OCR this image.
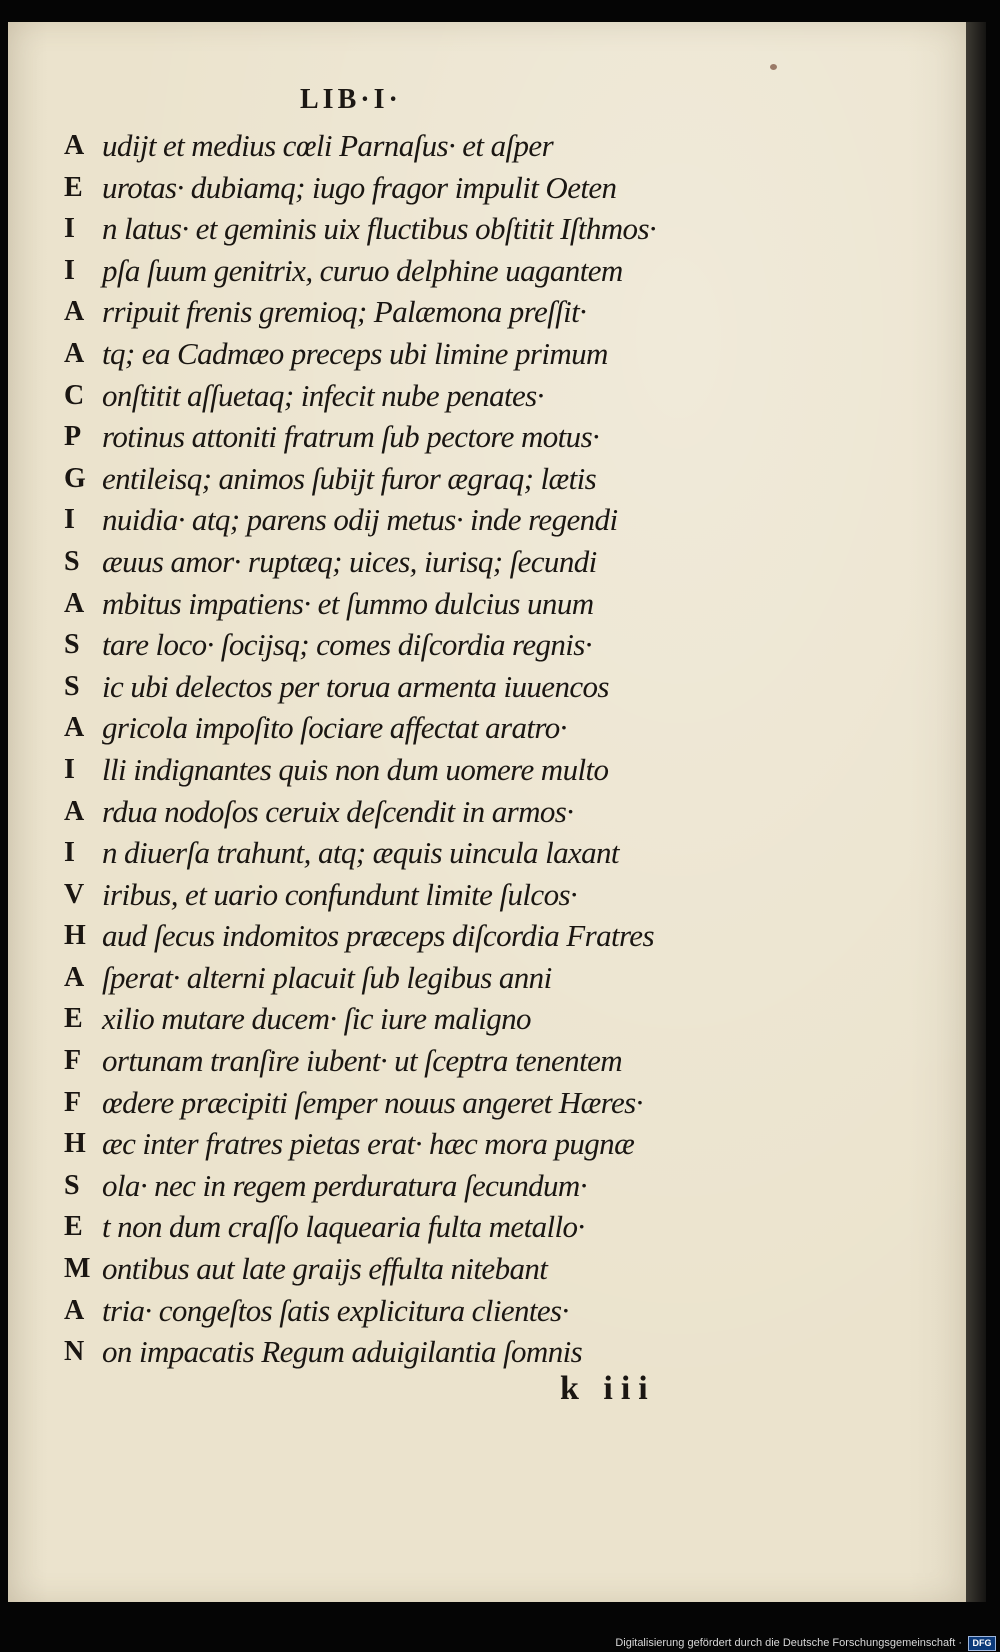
LIB·I·
A udijt et medius cœli Parnaſus· et aſper
E urotas· dubiamq; iugo fragor impulit Oeten
I n latus· et geminis uix fluctibus obſtitit Iſthmos·
I pſa ſuum genitrix, curuo delphine uagantem
A rripuit frenis gremioq; Palæmona preſſit·
A tq; ea Cadmæo preceps ubi limine primum
C onſtitit aſſuetaq; infecit nube penates·
P rotinus attoniti fratrum ſub pectore motus·
G entileisq; animos ſubijt furor ægraq; lætis
I nuidia· atq; parens odij metus· inde regendi
S æuus amor· ruptæq; uices, iurisq; ſecundi
A mbitus impatiens· et ſummo dulcius unum
S tare loco· ſocijsq; comes diſcordia regnis·
S ic ubi delectos per torua armenta iuuencos
A gricola impoſito ſociare affectat aratro·
I lli indignantes quis non dum uomere multo
A rdua nodoſos ceruix deſcendit in armos·
I n diuerſa trahunt, atq; æquis uincula laxant
V iribus, et uario confundunt limite ſulcos·
H aud ſecus indomitos præceps diſcordia Fratres
A ſperat· alterni placuit ſub legibus anni
E xilio mutare ducem· ſic iure maligno
F ortunam tranſire iubent· ut ſceptra tenentem
F œdere præcipiti ſemper nouus angeret Hæres·
H æc inter fratres pietas erat· hæc mora pugnæ
S ola· nec in regem perduratura ſecundum·
E t non dum craſſo laquearia fulta metallo·
M ontibus aut late graijs effulta nitebant
A tria· congeſtos ſatis explicitura clientes·
N on impacatis Regum aduigilantia ſomnis
k iii
Digitalisierung gefördert durch die Deutsche Forschungsgemeinschaft ·	DFG
